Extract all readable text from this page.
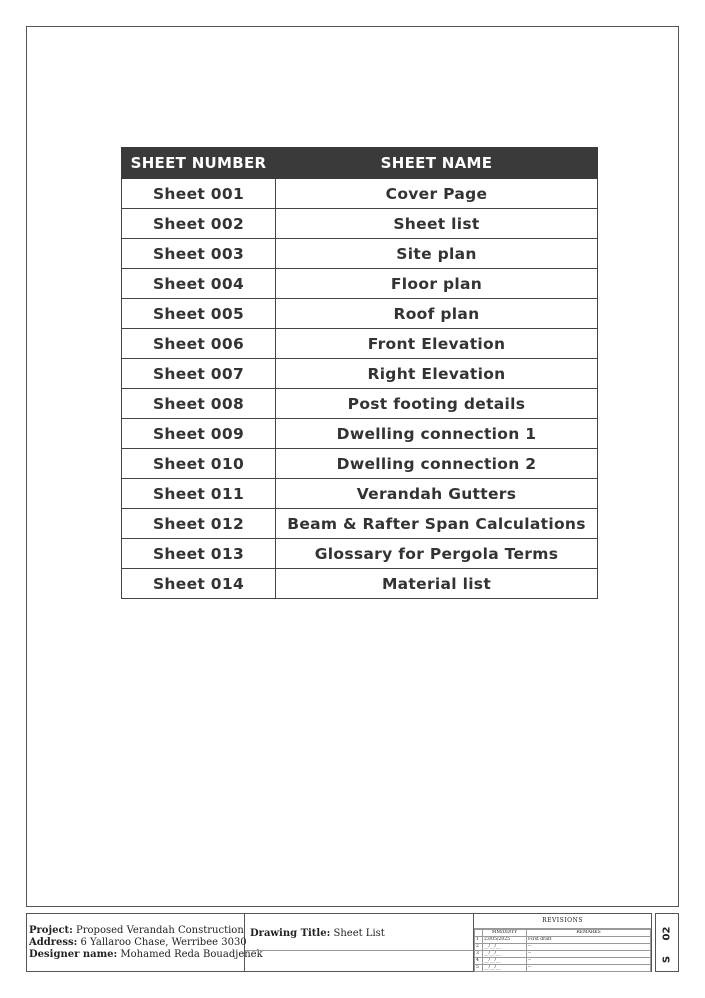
SHEET NUMBER	SHEET NAME
Sheet 001	Cover Page
Sheet 002	Sheet list
Sheet 003	Site plan
Sheet 004	Floor plan
Sheet 005	Roof plan
Sheet 006	Front Elevation
Sheet 007	Right Elevation
Sheet 008	Post footing details
Sheet 009	Dwelling connection 1
Sheet 010	Dwelling connection 2
Sheet 011	Verandah Gutters
Sheet 012	Beam & Rafter Span Calculations
Sheet 013	Glossary for Pergola Terms
Sheet 014	Material list
Project: Proposed Verandah Construction
Address: 6 Yallaroo Chase, Werribee 3030
Designer name: Mohamed Reda Bouadjenek
Drawing Title: Sheet List
REVISIONS
	MM/DD/YY	REMARKS
1	23/05/2025	First draft
2	__/__/__	--
3	__/__/__	--
4	__/__/__	--
5	__/__/__	--
02
S
